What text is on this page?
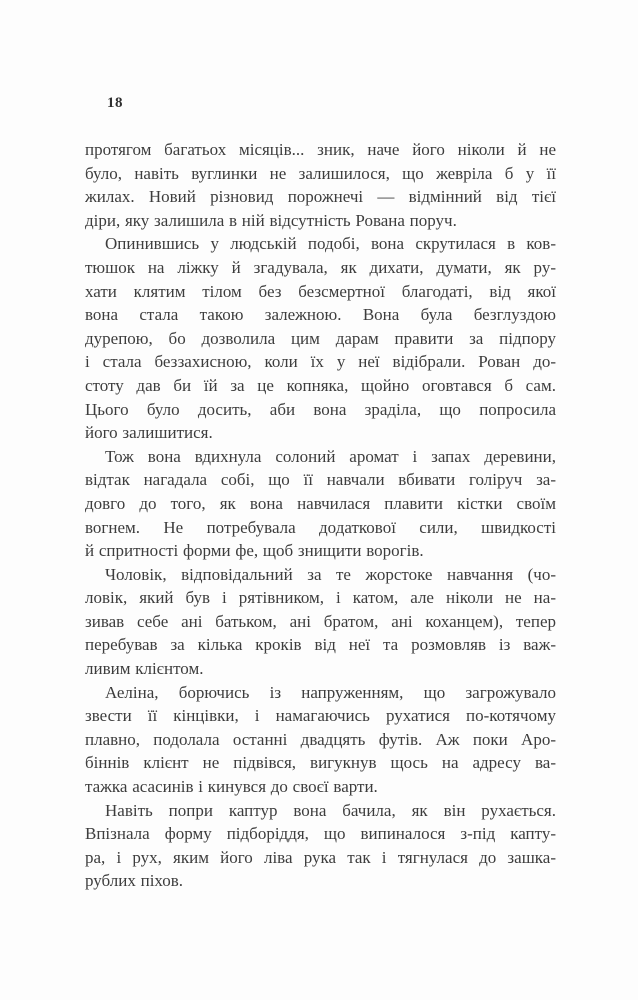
18
протягом багатьох місяців... зник, наче його ніколи й не
було, навіть вуглинки не залишилося, що жевріла б у її
жилах. Новий різновид порожнечі — відмінний від тієї
діри, яку залишила в ній відсутність Рована поруч.
Опинившись у людській подобі, вона скрутилася в ков-
тюшок на ліжку й згадувала, як дихати, думати, як ру-
хати клятим тілом без безсмертної благодаті, від якої
вона стала такою залежною. Вона була безглуздою
дурепою, бо дозволила цим дарам правити за підпору
і стала беззахисною, коли їх у неї відібрали. Рован до-
стоту дав би їй за це копняка, щойно оговтався б сам.
Цього було досить, аби вона зраділа, що попросила
його залишитися.
Тож вона вдихнула солоний аромат і запах деревини,
відтак нагадала собі, що її навчали вбивати голіруч за-
довго до того, як вона навчилася плавити кістки своїм
вогнем. Не потребувала додаткової сили, швидкості
й спритності форми фе, щоб знищити ворогів.
Чоловік, відповідальний за те жорстоке навчання (чо-
ловік, який був і рятівником, і катом, але ніколи не на-
зивав себе ані батьком, ані братом, ані коханцем), тепер
перебував за кілька кроків від неї та розмовляв із важ-
ливим клієнтом.
Аеліна, борючись із напруженням, що загрожувало
звести її кінцівки, і намагаючись рухатися по-котячому
плавно, подолала останні двадцять футів. Аж поки Аро-
біннів клієнт не підвівся, вигукнув щось на адресу ва-
тажка асасинів і кинувся до своєї варти.
Навіть попри каптур вона бачила, як він рухається.
Впізнала форму підборіддя, що випиналося з-під капту-
ра, і рух, яким його ліва рука так і тягнулася до зашка-
рублих піхов.
